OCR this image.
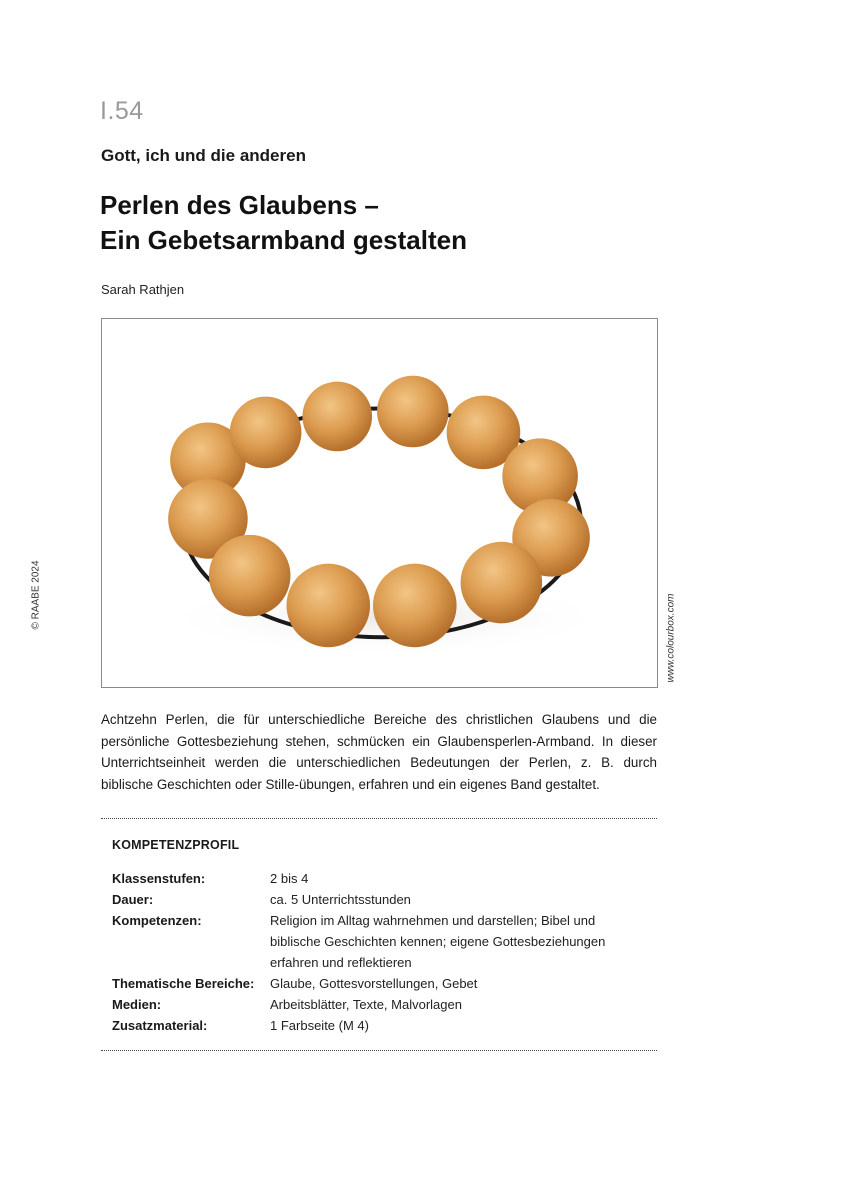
I.54
Gott, ich und die anderen
Perlen des Glaubens –
Ein Gebetsarmband gestalten
Sarah Rathjen
© RAABE 2024	www.colourbox.com

Achtzehn Perlen, die für unterschiedliche Bereiche des christlichen Glaubens und die persönliche Gottesbeziehung stehen, schmücken ein Glaubensperlen-Armband. In dieser Unterrichtseinheit werden die unterschiedlichen Bedeutungen der Perlen, z. B. durch biblische Geschichten oder Stille-übungen, erfahren und ein eigenes Band gestaltet.

KOMPETENZPROFIL
Klassenstufen:	2 bis 4
Dauer:	ca. 5 Unterrichtsstunden
Kompetenzen:	Religion im Alltag wahrnehmen und darstellen; Bibel und biblische Geschichten kennen; eigene Gottesbeziehungen erfahren und reflektieren
Thematische Bereiche:	Glaube, Gottesvorstellungen, Gebet
Medien:	Arbeitsblätter, Texte, Malvorlagen
Zusatzmaterial:	1 Farbseite (M 4)
